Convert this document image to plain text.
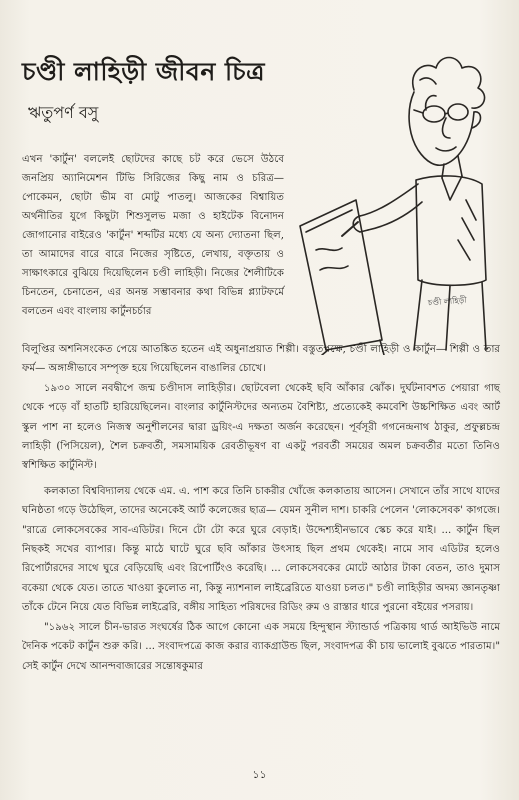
চণ্ডী লাহিড়ী জীবন চিত্র
ঋতুপর্ণ বসু
চণ্ডী লাহিড়ী

এখন 'কার্টুন' বললেই ছোটদের কাছে চট করে ভেসে উঠবে জনপ্রিয় অ্যানিমেশন টিভি সিরিজের কিছু নাম ও চরিত্র— পোকেমন, ছোটা ভীম বা মোটু পাতলু। আজকের বিশ্বায়িত অর্থনীতির যুগে কিছুটা শিশুসুলভ মজা ও হাইটেক বিনোদন জোগানোর বাইরেও 'কার্টুন' শব্দটির মধ্যে যে অন্য দ্যোতনা ছিল, তা আমাদের বারে বারে নিজের সৃষ্টিতে, লেখায়, বক্তৃতায় ও সাক্ষাৎকারে বুঝিয়ে দিয়েছিলেন চণ্ডী লাহিড়ী। নিজের শৈলীটিকে চিনতেন, চেনাতেন, এর অনন্ত সম্ভাবনার কথা বিভিন্ন প্ল্যাটফর্মে বলতেন এবং বাংলায় কার্টুনচর্চার

বিলুপ্তির অশনিসংকেত পেয়ে আতঙ্কিত হতেন এই অধুনাপ্রয়াত শিল্পী। বস্তুতপক্ষে, চণ্ডী লাহিড়ী ও কার্টুন— শিল্পী ও তার ফর্ম— অঙ্গাঙ্গীভাবে সম্পৃক্ত হয়ে গিয়েছিলেন বাঙালির চোখে।

১৯৩০ সালে নবদ্বীপে জন্ম চণ্ডীদাস লাহিড়ীর। ছোটবেলা থেকেই ছবি আঁকার ঝোঁক। দুর্ঘটনাবশত পেয়ারা গাছ থেকে পড়ে বাঁ হাতটি হারিয়েছিলেন। বাংলার কার্টুনিস্টদের অন্যতম বৈশিষ্ট্য, প্রত্যেকেই কমবেশি উচ্চশিক্ষিত এবং আর্ট স্কুল পাশ না হলেও নিজস্ব অনুশীলনের দ্বারা ড্রয়িং-এ দক্ষতা অর্জন করেছেন। পূর্বসূরী গগনেন্দ্রনাথ ঠাকুর, প্রফুল্লচন্দ্র লাহিড়ী (পিসিয়েল), শৈল চক্রবর্তী, সমসাময়িক রেবতীভূষণ বা একটু পরবর্তী সময়ের অমল চক্রবর্তীর মতো তিনিও স্বশিক্ষিত কার্টুনিস্ট।

কলকাতা বিশ্ববিদ্যালয় থেকে এম. এ. পাশ করে তিনি চাকরীর খোঁজে কলকাতায় আসেন। সেখানে তাঁর সাথে যাদের ঘনিষ্ঠতা গড়ে উঠেছিল, তাদের অনেকেই আর্ট কলেজের ছাত্র— যেমন সুনীল দাশ। চাকরি পেলেন 'লোকসেবক' কাগজে। "রাত্রে লোকসেবকের সাব-এডিটর। দিনে টো টো করে ঘুরে বেড়াই। উদ্দেশ্যহীনভাবে স্কেচ করে যাই। ... কার্টুন ছিল নিছকই সখের ব্যাপার। কিন্তু মাঠে ঘাটে ঘুরে ছবি আঁকার উৎসাহ ছিল প্রথম থেকেই। নামে সাব এডিটর হলেও রিপোর্টারদের সাথে ঘুরে বেড়িয়েছি এবং রিপোর্টিংও করেছি। ... লোকসেবকের মোটে আঠার টাকা বেতন, তাও দুমাস বকেয়া থেকে যেত। তাতে খাওয়া কুলোত না, কিন্তু ন্যাশনাল লাইব্রেরিতে যাওয়া চলত।" চণ্ডী লাহিড়ীর অদম্য জ্ঞানতৃষ্ণা তাঁকে টেনে নিয়ে যেত বিভিন্ন লাইব্রেরি, বঙ্গীয় সাহিত্য পরিষদের রিডিং রুম ও রাস্তার ধারে পুরনো বইয়ের পসরায়।

"১৯৬২ সালে চীন-ভারত সংঘর্ষের ঠিক আগে কোনো এক সময়ে হিন্দুস্থান স্ট্যান্ডার্ড পত্রিকায় থার্ড আইভিউ নামে দৈনিক পকেট কার্টুন শুরু করি। ... সংবাদপত্রে কাজ করার ব্যাকগ্রাউন্ড ছিল, সংবাদপত্র কী চায় ভালোই বুঝতে পারতাম।" সেই কার্টুন দেখে আনন্দবাজারের সন্তোষকুমার

১১
